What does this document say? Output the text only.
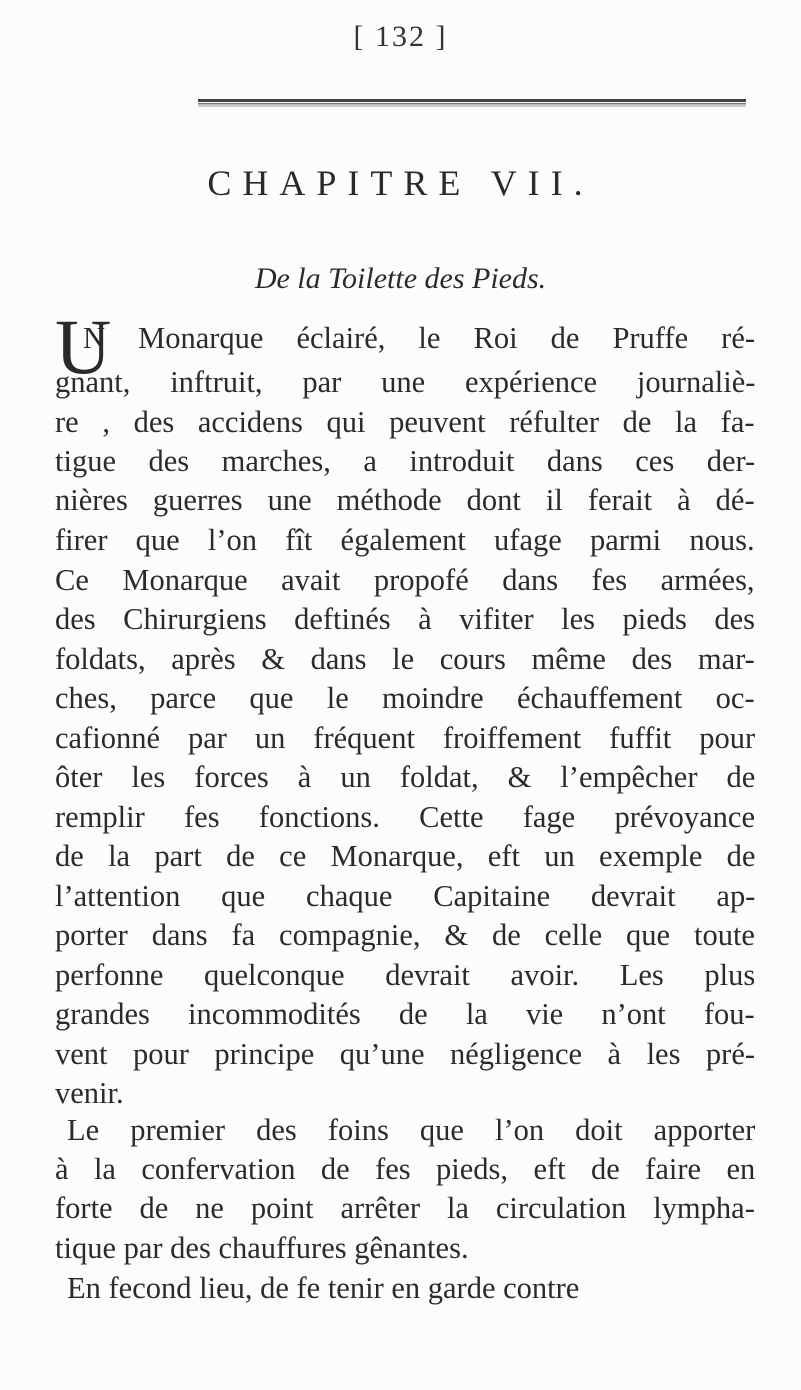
[ 132 ]
CHAPITRE VII.
De la Toilette des Pieds.
U
N Monarque éclairé, le Roi de Pruffe ré-
gnant, inftruit, par une expérience journaliè-
re , des accidens qui peuvent réfulter de la fa-
tigue des marches, a introduit dans ces der-
nières guerres une méthode dont il ferait à dé-
firer que l’on fît également ufage parmi nous.
Ce Monarque avait propofé dans fes armées,
des Chirurgiens deftinés à vifiter les pieds des
foldats, après & dans le cours même des mar-
ches, parce que le moindre échauffement oc-
cafionné par un fréquent froiffement fuffit pour
ôter les forces à un foldat, & l’empêcher de
remplir fes fonctions. Cette fage prévoyance
de la part de ce Monarque, eft un exemple de
l’attention que chaque Capitaine devrait ap-
porter dans fa compagnie, & de celle que toute
perfonne quelconque devrait avoir. Les plus
grandes incommodités de la vie n’ont fou-
vent pour principe qu’une négligence à les pré-
venir.
Le premier des foins que l’on doit apporter
à la confervation de fes pieds, eft de faire en
forte de ne point arrêter la circulation lympha-
tique par des chauffures gênantes.
En fecond lieu, de fe tenir en garde contre
